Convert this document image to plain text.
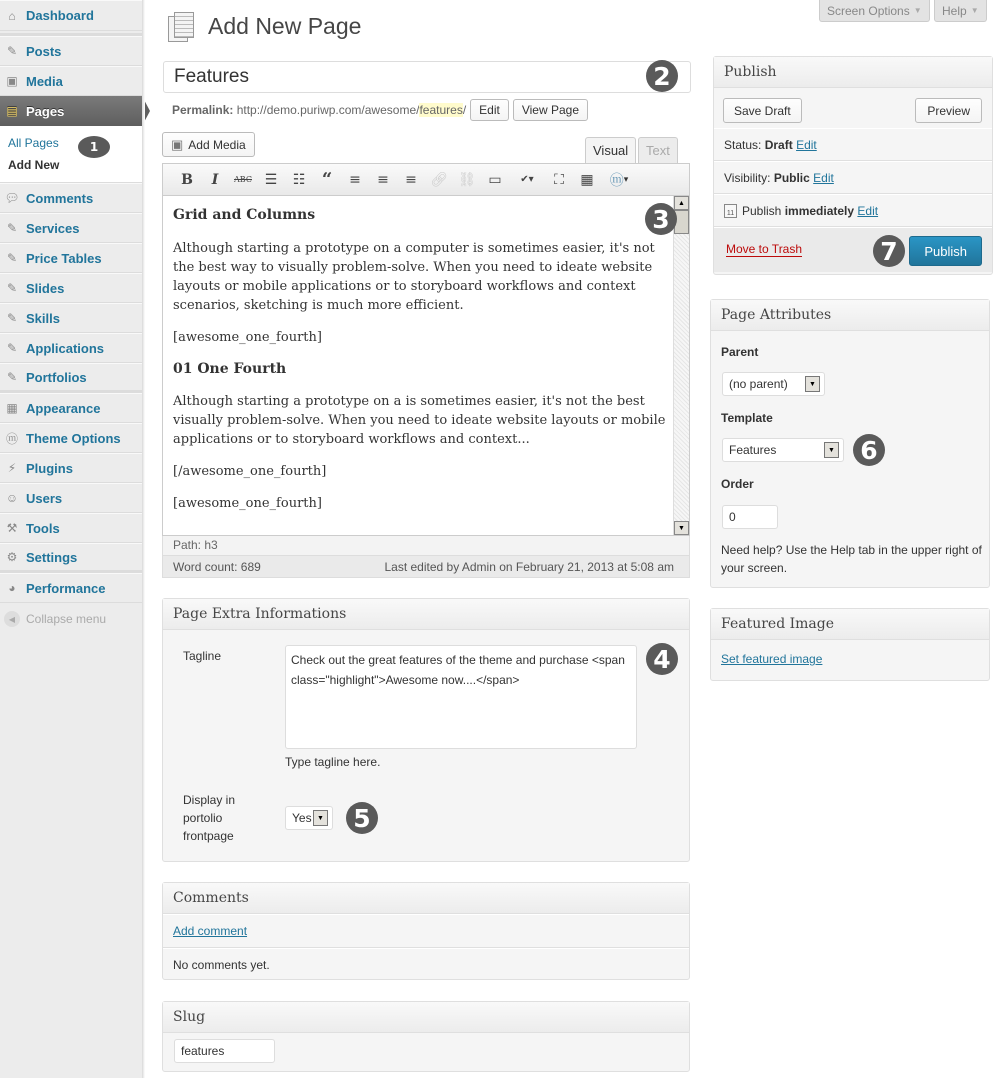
⌂ Dashboard
✎ Posts
▣ Media
▤ Pages
All Pages
Add New
1
💬︎ Comments
✎ Services
✎ Price Tables
✎ Slides
✎ Skills
✎ Applications
✎ Portfolios
▦ Appearance
ⓜ Theme Options
⚡︎ Plugins
☺ Users
⚒︎ Tools
⚙︎ Settings
◕ Performance
◀ Collapse menu
Screen Options ▼ Help ▼
Add New Page
Features
2
Permalink: http://demo.puriwp.com/awesome/features/	Edit	View Page
▣ Add Media	Visual	Text
B	I	ABC ☰	☷ “	≡	≡	≡ 🔗︎ ⛓︎ ▭	✔▾	⛶	▦	ⓜ ▾
Grid and Columns

Although starting a prototype on a computer is sometimes easier, it's not the best way to visually problem-solve. When you need to ideate website layouts or mobile applications or to storyboard workflows and context scenarios, sketching is much more efficient.

[awesome_one_fourth]

01 One Fourth

Although starting a prototype on a is sometimes easier, it's not the best visually problem-solve. When you need to ideate website layouts or mobile applications or to storyboard workflows and context...

[/awesome_one_fourth]

[awesome_one_fourth]

▲
▼
3
Path: h3
Word count: 689	Last edited by Admin on February 21, 2013 at 5:08 am
Page Extra Informations
Tagline
Check out the great features of the theme and purchase <span class="highlight">Awesome now....</span>
Type tagline here.
Display in portolio frontpage
Yes ▼
4
5
Comments
Add comment
No comments yet.
Slug
features
Publish
Save Draft	Preview
Status:
Draft
Edit
Visibility:
Public
Edit
11 Publish
immediately
Edit
Move to Trash	Publish
7
Page Attributes
Parent
(no parent)	▼
Template
Features	▼
Order
0
Need help? Use the Help tab in the upper right of your screen.
6
Featured Image
Set featured image
